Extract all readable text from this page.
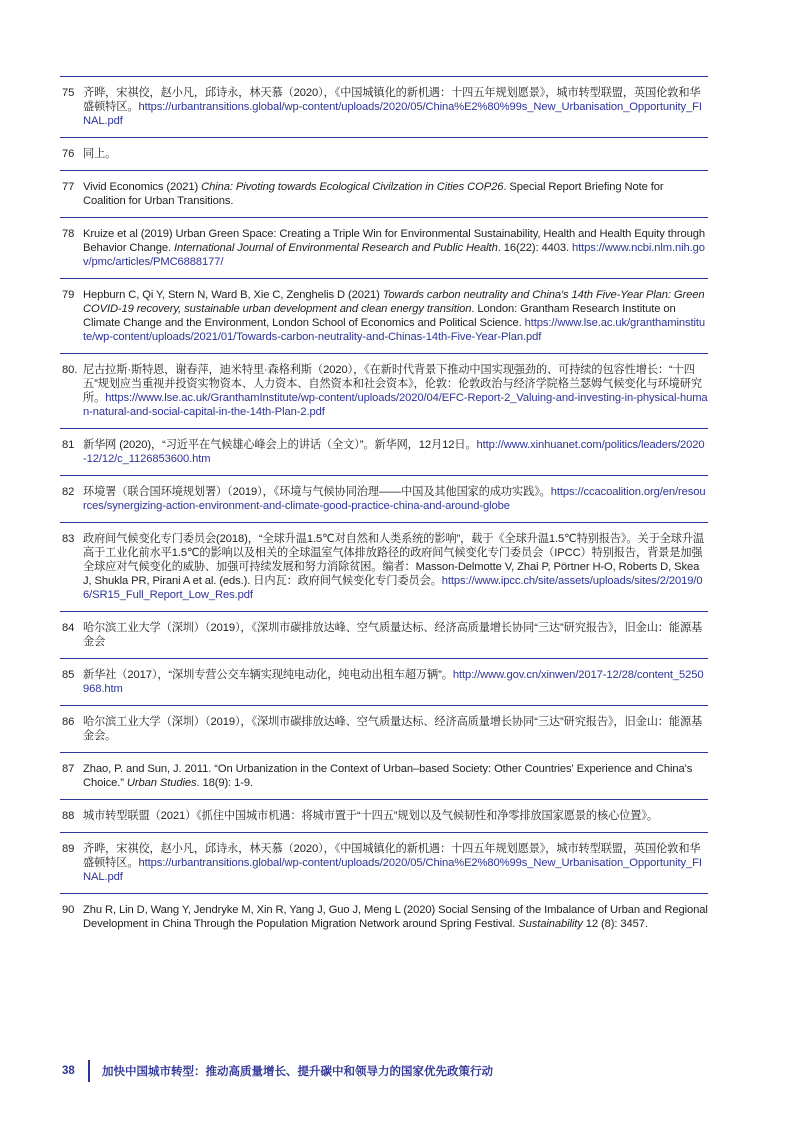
75 齐晔，宋祺佼，赵小凡，邱诗永，林天慕（2020），《中国城镇化的新机遇：十四五年规划愿景》，城市转型联盟，英国伦敦和华盛顿特区。https://urbantransitions.global/wp-content/uploads/2020/05/China%E2%80%99s_New_Urbanisation_Opportunity_FINAL.pdf
76 同上。
77 Vivid Economics (2021) China: Pivoting towards Ecological Civilzation in Cities COP26. Special Report Briefing Note for Coalition for Urban Transitions.
78 Kruize et al (2019) Urban Green Space: Creating a Triple Win for Environmental Sustainability, Health and Health Equity through Behavior Change. International Journal of Environmental Research and Public Health. 16(22): 4403. https://www.ncbi.nlm.nih.gov/pmc/articles/PMC6888177/
79 Hepburn C, Qi Y, Stern N, Ward B, Xie C, Zenghelis D (2021) Towards carbon neutrality and China's 14th Five-Year Plan: Green COVID-19 recovery, sustainable urban development and clean energy transition. London: Grantham Research Institute on Climate Change and the Environment, London School of Economics and Political Science. https://www.lse.ac.uk/granthaminstitute/wp-content/uploads/2021/01/Towards-carbon-neutrality-and-Chinas-14th-Five-Year-Plan.pdf
80. 尼古拉斯·斯特恩，谢春萍，迪米特里·森格利斯（2020），《在新时代背景下推动中国实现强劲的、可持续的包容性增长：“十四五”规划应当重视并投资实物资本、人力资本、自然资本和社会资本》，伦敦：伦敦政治与经济学院格兰瑟姆气候变化与环境研究所。https://www.lse.ac.uk/GranthamInstitute/wp-content/uploads/2020/04/EFC-Report-2_Valuing-and-investing-in-physical-human-natural-and-social-capital-in-the-14th-Plan-2.pdf
81 新华网 (2020)，“习近平在气候雄心峰会上的讲话（全文）”。新华网，12月12日。http://www.xinhuanet.com/politics/leaders/2020-12/12/c_1126853600.htm
82 环境署（联合国环境规划署）（2019），《环境与气候协同治理——中国及其他国家的成功实践》。https://ccacoalition.org/en/resources/synergizing-action-environment-and-climate-good-practice-china-and-around-globe
83 政府间气候变化专门委员会(2018)，“全球升温1.5℃对自然和人类系统的影响”，载于《全球升温1.5℃特别报告》。关于全球升温高于工业化前水平1.5℃的影响以及相关的全球温室气体排放路径的政府间气候变化专门委员会（IPCC）特别报告，背景是加强全球应对气候变化的威胁、加强可持续发展和努力消除贫困。编者：Masson-Delmotte V, Zhai P, Pörtner H-O, Roberts D, Skea J, Shukla PR, Pirani A et al. (eds.). 日内瓦：政府间气候变化专门委员会。https://www.ipcc.ch/site/assets/uploads/sites/2/2019/06/SR15_Full_Report_Low_Res.pdf
84 哈尔滨工业大学（深圳）（2019），《深圳市碳排放达峰、空气质量达标、经济高质量增长协同“三达”研究报告》，旧金山：能源基金会
85 新华社（2017），“深圳专营公交车辆实现纯电动化，纯电动出租车超万辆”。http://www.gov.cn/xinwen/2017-12/28/content_5250968.htm
86 哈尔滨工业大学（深圳）（2019），《深圳市碳排放达峰、空气质量达标、经济高质量增长协同“三达”研究报告》，旧金山：能源基金会。
87 Zhao, P. and Sun, J. 2011. “On Urbanization in the Context of Urban–based Society: Other Countries' Experience and China's Choice.” Urban Studies. 18(9): 1-9.
88 城市转型联盟（2021）《抓住中国城市机遇：将城市置于“十四五”规划以及气候韧性和净零排放国家愿景的核心位置》。
89 齐晔，宋祺佼，赵小凡，邱诗永，林天慕（2020），《中国城镇化的新机遇：十四五年规划愿景》，城市转型联盟，英国伦敦和华盛顿特区。https://urbantransitions.global/wp-content/uploads/2020/05/China%E2%80%99s_New_Urbanisation_Opportunity_FINAL.pdf
90 Zhu R, Lin D, Wang Y, Jendryke M, Xin R, Yang J, Guo J, Meng L (2020) Social Sensing of the Imbalance of Urban and Regional Development in China Through the Population Migration Network around Spring Festival. Sustainability 12 (8): 3457.
38	加快中国城市转型：推动高质量增长、提升碳中和领导力的国家优先政策行动
